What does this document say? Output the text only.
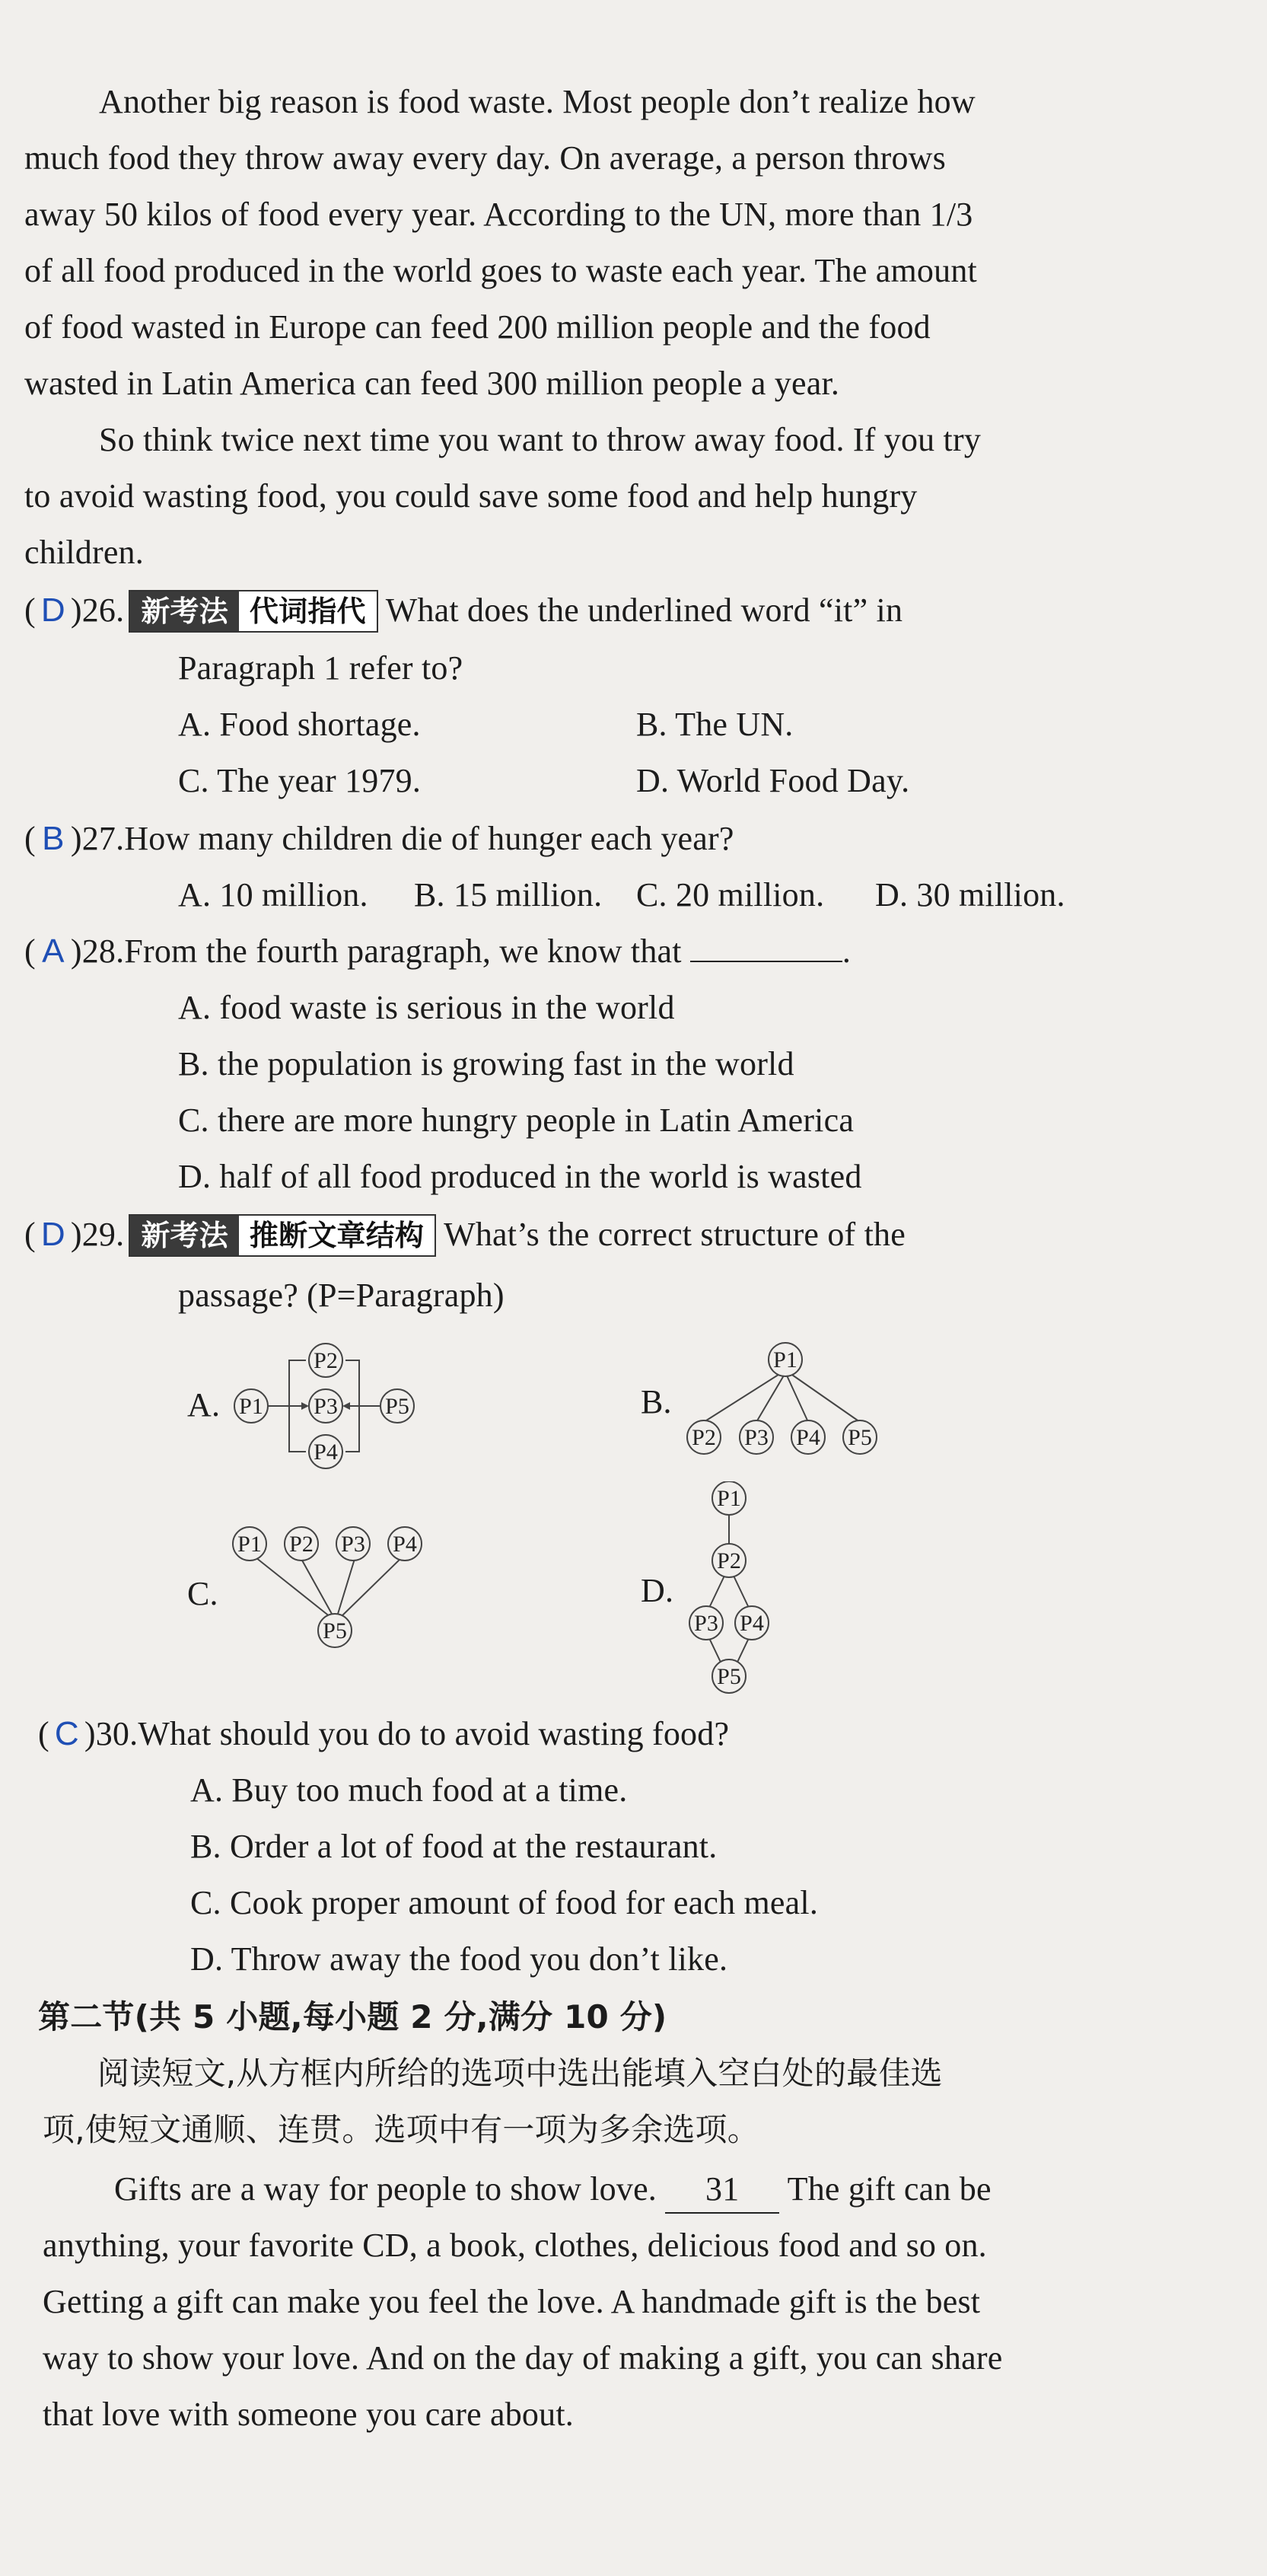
Another big reason is food waste. Most people don’t realize how
much food they throw away every day. On average, a person throws
away 50 kilos of food every year. According to the UN, more than 1/3
of all food produced in the world goes to waste each year. The amount
of food wasted in Europe can feed 200 million people and the food
wasted in Latin America can feed 300 million people a year.
So think twice next time you want to throw away food. If you try
to avoid wasting food, you could save some food and help hungry
children.
( D )26. 新考法 代词指代 What does the underlined word “it” in
Paragraph 1 refer to?
A. Food shortage.	B. The UN.
C. The year 1979.	D. World Food Day.
( B )27.How many children die of hunger each year?
A. 10 million. B. 15 million. C. 20 million. D. 30 million.
( A )28.From the fourth paragraph, we know that	.
A. food waste is serious in the world
B. the population is growing fast in the world
C. there are more hungry people in Latin America
D. half of all food produced in the world is wasted
( D )29. 新考法 推断文章结构 What’s the correct structure of the
passage? (P=Paragraph)
A. P1
P2
P3
P4
P5	B.
P1
P2 P3 P4 P5
C.
P1 P2 P3 P4
P5
D.
P1
P2
P3 P4
P5
( C )30.What should you do to avoid wasting food?
A. Buy too much food at a time.
B. Order a lot of food at the restaurant.
C. Cook proper amount of food for each meal.
D. Throw away the food you don’t like.
第二节(共 5 小题,每小题 2 分,满分 10 分)
阅读短文,从方框内所给的选项中选出能填入空白处的最佳选
项,使短文通顺、连贯。选项中有一项为多余选项。
Gifts are a way for people to show love. 31 The gift can be
anything, your favorite CD, a book, clothes, delicious food and so on.
Getting a gift can make you feel the love. A handmade gift is the best
way to show your love. And on the day of making a gift, you can share
that love with someone you care about.
